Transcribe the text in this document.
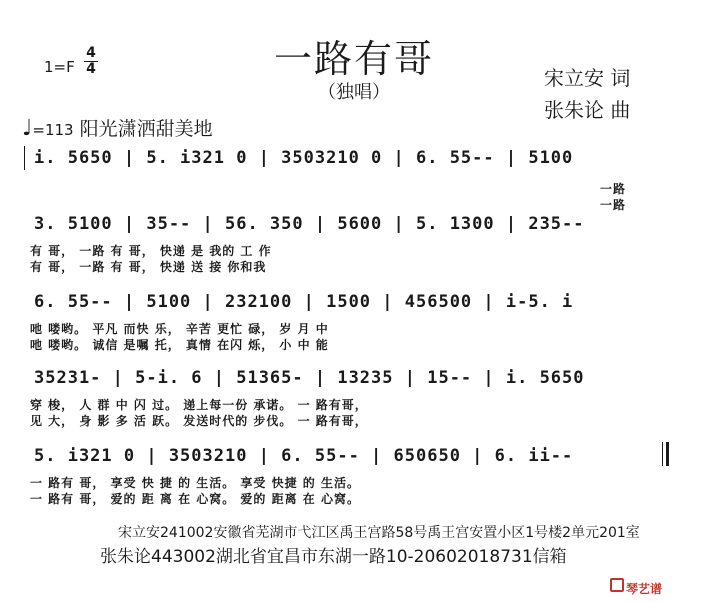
一路有哥
（独唱）
1=F
4
4	宋立安 词
张朱论 曲
♩=113 阳光潇洒甜美地
i. 5650 | 5. i321 0 | 3503210 0 | 6. 55-- | 5100
一路
一路
3. 5100 | 35-- | 56. 350 | 5600 | 5. 1300 | 235--
有 哥， 一路 有 哥， 快递 是 我的 工 作
有 哥， 一路 有 哥， 快递 送 接 你和我
6. 55-- | 5100 | 232100 | 1500 | 456500 | i-5. i
吔 喽哟。 平凡 而快 乐， 辛苦 更忙 碌， 岁 月 中
吔 喽哟。 诚信 是嘱 托， 真情 在闪 烁， 小 中 能
35231- | 5-i. 6 | 51365- | 13235 | 15-- | i. 5650
穿 梭， 人 群 中 闪 过。 递上每一份 承诺。 一 路有哥，
见 大， 身 影 多 活 跃。 发送时代的 步伐。 一 路有哥，
5. i321 0 | 3503210 | 6. 55-- | 650650 | 6. ii--
一 路有 哥， 享受 快 捷 的 生活。 享受 快捷 的 生活。
一 路有 哥， 爱的 距 离 在 心窝。 爱的 距离 在 心窝。
宋立安241002安徽省芜湖市弋江区禹王宫路58号禹王宫安置小区1号楼2单元201室
张朱论443002湖北省宜昌市东湖一路10-20602018731信箱
琴艺谱
